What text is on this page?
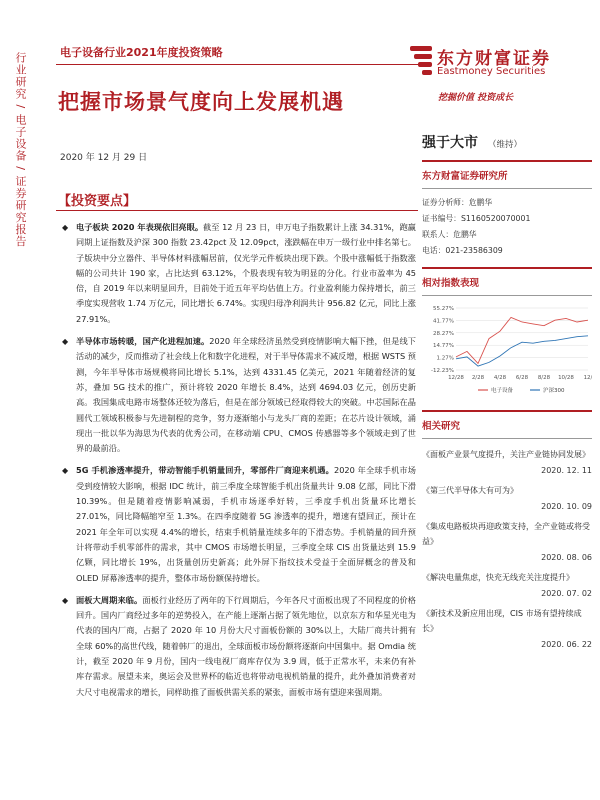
行业研究 / 电子设备 / 证券研究报告	电子设备行业2021年度投资策略
把握市场景气度向上发展机遇
2020 年 12 月 29 日
东方财富证券
Eastmoney Securities
挖掘价值 投资成长
【投资要点】

◆ 电子板块 2020 年表现依旧亮眼。截至 12 月 23 日，申万电子指数累计上涨 34.31%，跑赢同期上证指数及沪深 300 指数 23.42pct 及 12.09pct，涨跌幅在申万一级行业中排名第七。子版块中分立器件、半导体材料涨幅居前，仅光学元件板块出现下跌。个股中涨幅低于指数涨幅的公司共计 190 家，占比达到 63.12%，个股表现有较为明显的分化。行业市盈率为 45 倍，自 2019 年以来明显回升，目前处于近五年平均估值上方。行业盈利能力保持增长，前三季度实现营收 1.74 万亿元，同比增长 6.74%。实现归母净利润共计 956.82 亿元，同比上涨 27.91%。

◆ 半导体市场转暖，国产化进程加速。2020 年全球经济虽然受到疫情影响大幅下挫，但是线下活动的减少，反而推动了社会线上化和数字化进程，对于半导体需求不减反增，根据 WSTS 预测，今年半导体市场规模将同比增长 5.1%，达到 4331.45 亿美元，2021 年随着经济的复苏，叠加 5G 技术的推广，预计将较 2020 年增长 8.4%，达到 4694.03 亿元，创历史新高。我国集成电路市场整体还较为落后，但是在部分领域已经取得较大的突破。中芯国际在晶圆代工领域积极参与先进制程的竞争，努力逐渐缩小与龙头厂商的差距；在芯片设计领域，涌现出一批以华为海思为代表的优秀公司，在移动端 CPU、CMOS 传感器等多个领域走到了世界的最前沿。

◆ 5G 手机渗透率提升，带动智能手机销量回升，零部件厂商迎来机遇。2020 年全球手机市场受到疫情较大影响，根据 IDC 统计，前三季度全球智能手机出货量共计 9.08 亿部，同比下滑 10.39%。但是随着疫情影响减弱，手机市场逐季好转，三季度手机出货量环比增长 27.01%，同比降幅缩窄至 1.3%。在四季度随着 5G 渗透率的提升，增速有望回正，预计在 2021 年全年可以实现 4.4%的增长，结束手机销量连续多年的下滑态势。手机销量的回升预计将带动手机零部件的需求，其中 CMOS 市场增长明显，三季度全球 CIS 出货量达到 15.9 亿颗，同比增长 19%，出货量创历史新高；此外屏下指纹技术受益于全面屏概念的普及和 OLED 屏幕渗透率的提升，整体市场份额保持增长。

◆ 面板大周期来临。面板行业经历了两年的下行周期后，今年各尺寸面板出现了不同程度的价格回升。国内厂商经过多年的逆势投入，在产能上逐渐占据了领先地位，以京东方和华星光电为代表的国内厂商，占据了 2020 年 10 月份大尺寸面板份额的 30%以上，大陆厂商共计拥有全球 60%的高世代线，随着韩厂的退出，全球面板市场份额将逐渐向中国集中。据 Omdia 统计，截至 2020 年 9 月份，国内一线电视厂商库存仅为 3.9 周，低于正常水平，未来仍有补库存需求。展望未来，奥运会及世界杯的临近也将带动电视机销量的提升，此外叠加消费者对大尺寸电视需求的增长，同样助推了面板供需关系的紧张，面板市场有望迎来强周期。

强于大市 （维持）
东方财富证券研究所
证券分析师：危鹏华
证书编号：S1160520070001
联系人：危鹏华
电话：021-23586309
相对指数表现
55.27%
41.77%
28.27%
14.77%
1.27%
-12.23%
12/28 2/28 4/28 6/28 8/28 10/28 12/
电子设备	沪深300
相关研究
《面板产业景气度提升，关注产业链协同发展》
2020. 12. 11
《第三代半导体大有可为》
2020. 10. 09
《集成电路板块再迎政策支持，全产业链或将受益》
2020. 08. 06
《解决电量焦虑，快充无线充关注度提升》
2020. 07. 02
《新技术及新应用出现，CIS 市场有望持续成长》
2020. 06. 22
